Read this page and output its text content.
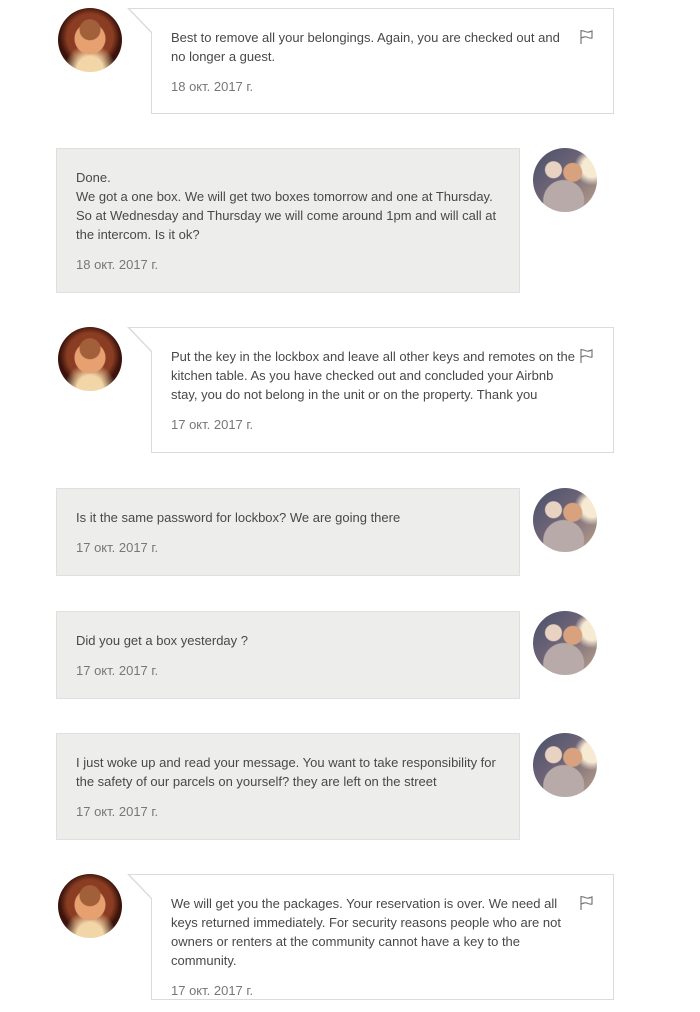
Best to remove all your belongings. Again, you are checked out and no longer a guest.

18 окт. 2017 г.

Done.
We got a one box. We will get two boxes tomorrow and one at Thursday. So at Wednesday and Thursday we will come around 1pm and will call at the intercom. Is it ok?

18 окт. 2017 г.

Put the key in the lockbox and leave all other keys and remotes on the kitchen table. As you have checked out and concluded your Airbnb stay, you do not belong in the unit or on the property. Thank you

17 окт. 2017 г.

Is it the same password for lockbox? We are going there

17 окт. 2017 г.

Did you get a box yesterday ?

17 окт. 2017 г.

I just woke up and read your message. You want to take responsibility for the safety of our parcels on yourself? they are left on the street

17 окт. 2017 г.

We will get you the packages. Your reservation is over. We need all keys returned immediately. For security reasons people who are not owners or renters at the community cannot have a key to the community.

17 окт. 2017 г.
